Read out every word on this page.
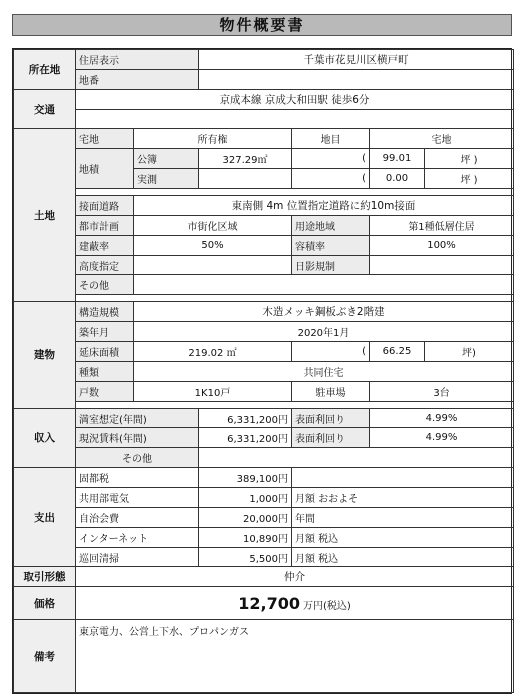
物件概要書
所在地	住居表示		千葉市花見川区横戸町			
	地番					
交通	京成本線 京成大和田駅 徒歩6分					

土地	宅地	所有権		地目	宅地	
	地積	公簿	327.29㎡	(	99.01	坪 )
		実測		(	0.00	坪 )

	接面道路	東南側 4m 位置指定道路に約10m接面				
	都市計画	市街化区域		用途地域	第1種低層住居	
	建蔽率	50%		容積率	100%	
	高度指定			日影規制		
	その他					

建物	構造規模	木造メッキ鋼板ぶき2階建				
	築年月	2020年1月				
	延床面積	219.02 ㎡		(	66.25	坪)
	種類	共同住宅				
	戸数	1K10戸		駐車場	3台	

収入	満室想定(年間)		6,331,200円	表面利回り	4.99%	
	現況賃料(年間)		6,331,200円	表面利回り	4.99%	
	その他					
支出	固都税		389,100円			
	共用部電気		1,000円	月額 おおよそ		
	自治会費		20,000円	年間		
	インターネット		10,890円	月額 税込		
	巡回清掃		5,500円	月額 税込		
取引形態	仲介					
価格	12,700 万円(税込)					
備考	東京電力、公営上下水、プロパンガス					
